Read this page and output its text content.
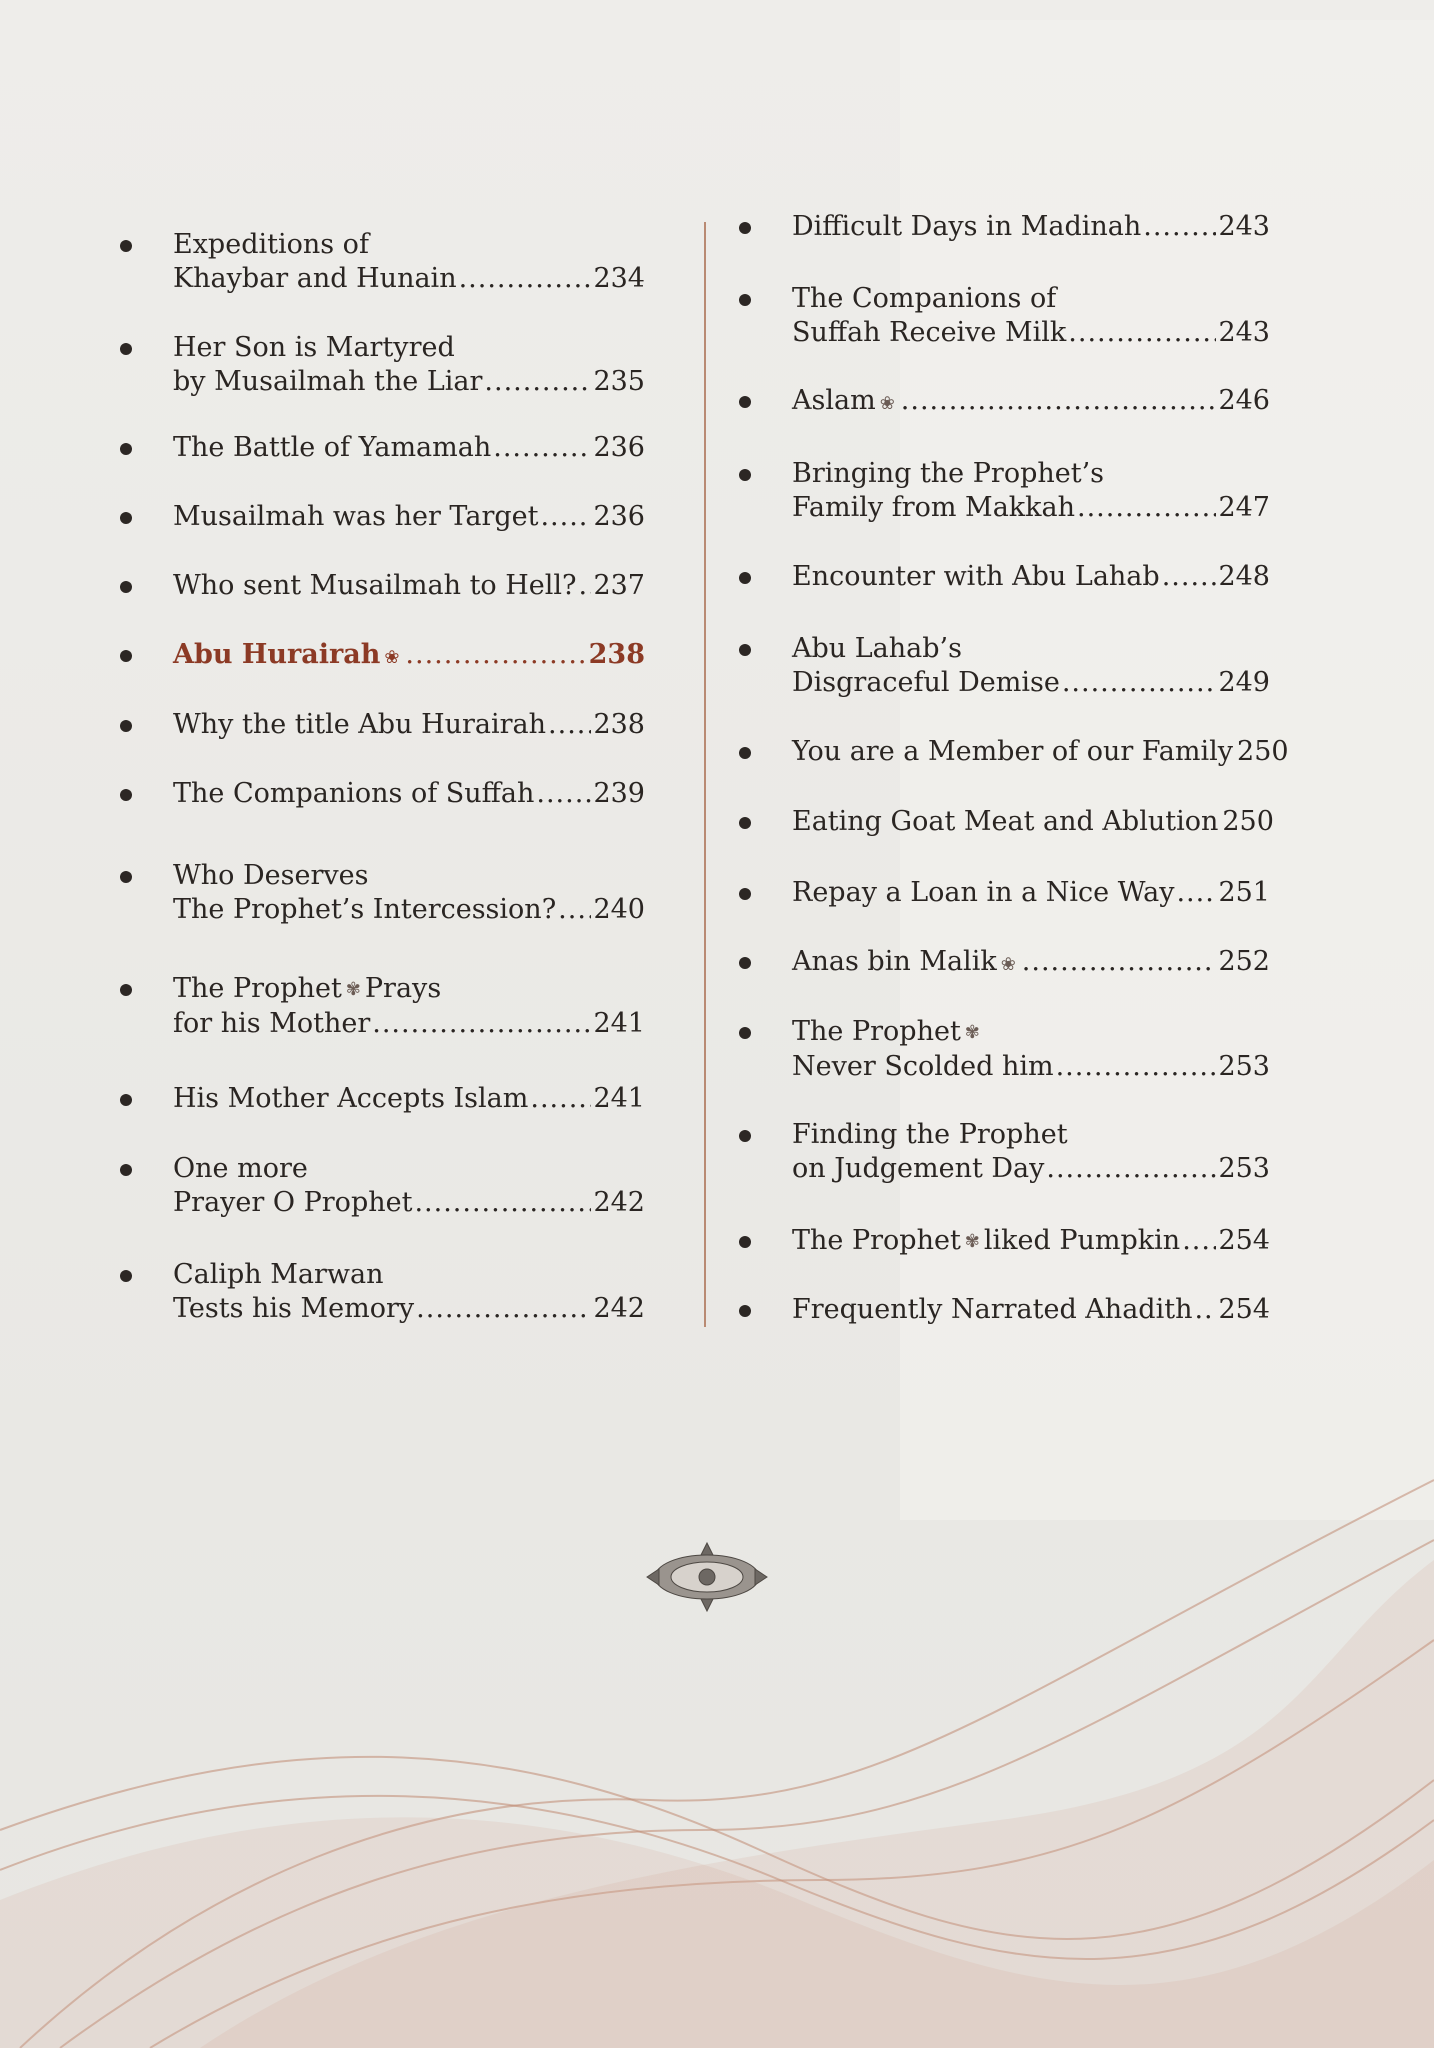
Expeditions of
Khaybar and Hunain .....	234
Her Son is Martyred
by Musailmah the Liar .....	235
The Battle of Yamamah .....	236
Musailmah was her Target ..... 236
Who sent Musailmah to Hell? ..... 237
Abu Hurairah ❀ .....	238
Why the title Abu Hurairah ..... 238
The Companions of Suffah ..... 239
Who Deserves
The Prophet’s Intercession? ..... 240
The Prophet ✾ Prays
for his Mother .....	241
His Mother Accepts Islam ..... 241
One more
Prayer O Prophet .....	242
Caliph Marwan
Tests his Memory .....	242
Difficult Days in Madinah .....	243
The Companions of
Suffah Receive Milk .....	243
Aslam ❀ .....	246
Bringing the Prophet’s
Family from Makkah .....	247
Encounter with Abu Lahab ..... 248
Abu Lahab’s
Disgraceful Demise .....	249
You are a Member of our Family 250
Eating Goat Meat and Ablution 250
Repay a Loan in a Nice Way ..... 251
Anas bin Malik ❀ .....	252
The Prophet ✾
Never Scolded him .....	253
Finding the Prophet
on Judgement Day .....	253
The Prophet ✾ liked Pumpkin ..... 254
Frequently Narrated Ahadith ..... 254
